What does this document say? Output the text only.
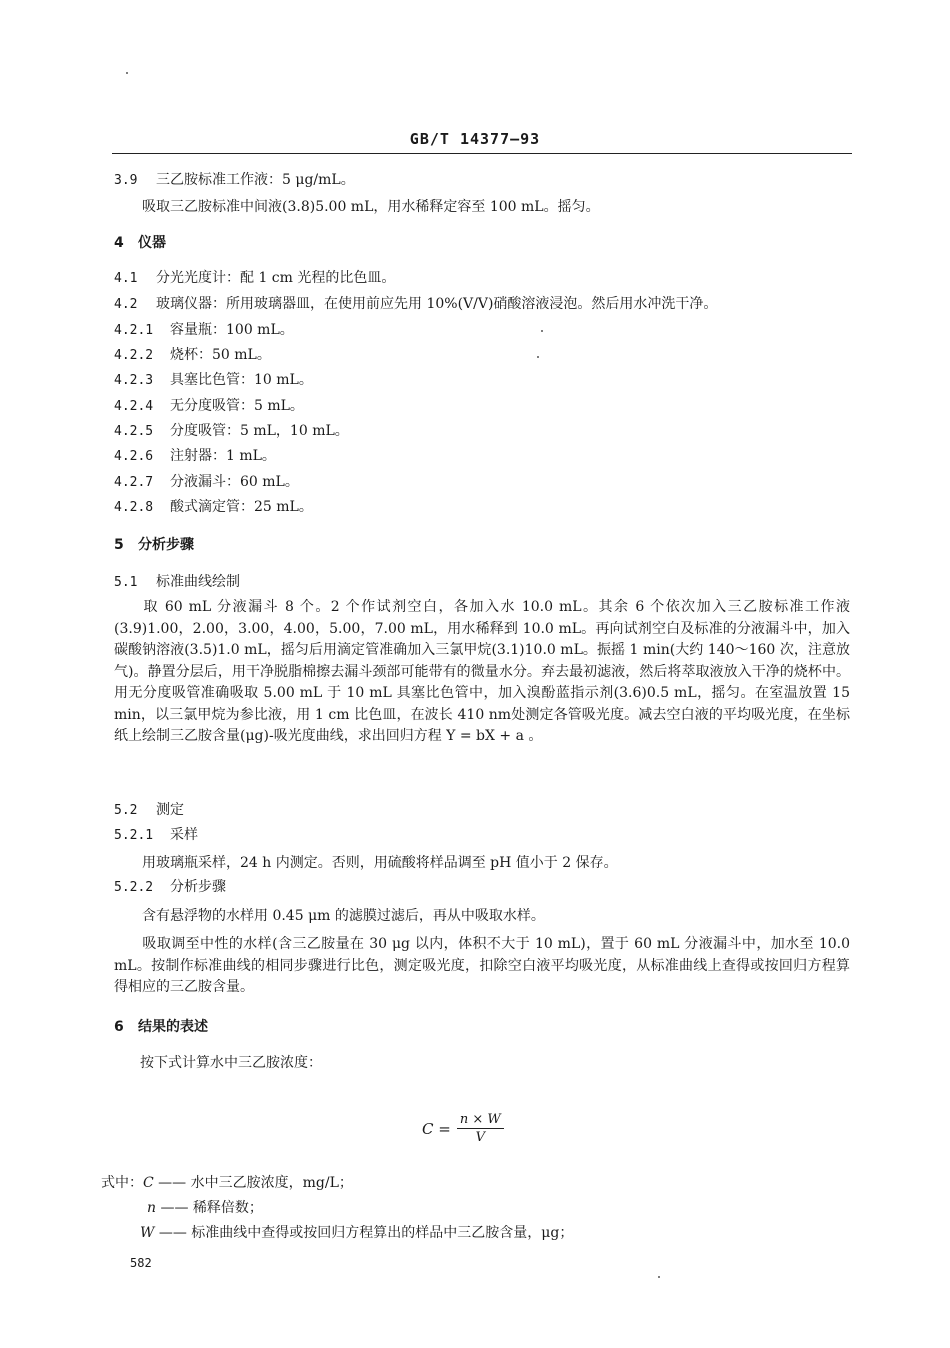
GB/T 14377—93
3.9 三乙胺标准工作液：5 μg/mL。
吸取三乙胺标准中间液(3.8)5.00 mL，用水稀释定容至 100 mL。摇匀。
4 仪器
4.1 分光光度计：配 1 cm 光程的比色皿。
4.2 玻璃仪器：所用玻璃器皿，在使用前应先用 10%(V/V)硝酸溶液浸泡。然后用水冲洗干净。
4.2.1 容量瓶：100 mL。
4.2.2 烧杯：50 mL。
4.2.3 具塞比色管：10 mL。
4.2.4 无分度吸管：5 mL。
4.2.5 分度吸管：5 mL，10 mL。
4.2.6 注射器：1 mL。
4.2.7 分液漏斗：60 mL。
4.2.8 酸式滴定管：25 mL。
5 分析步骤
5.1 标准曲线绘制
取 60 mL 分液漏斗 8 个。2 个作试剂空白，各加入水 10.0 mL。其余 6 个依次加入三乙胺标准工作液(3.9)1.00，2.00，3.00，4.00，5.00，7.00 mL，用水稀释到 10.0 mL。再向试剂空白及标准的分液漏斗中，加入碳酸钠溶液(3.5)1.0 mL，摇匀后用滴定管准确加入三氯甲烷(3.1)10.0 mL。振摇 1 min(大约 140～160 次，注意放气)。静置分层后，用干净脱脂棉擦去漏斗颈部可能带有的微量水分。弃去最初滤液，然后将萃取液放入干净的烧杯中。用无分度吸管准确吸取 5.00 mL 于 10 mL 具塞比色管中，加入溴酚蓝指示剂(3.6)0.5 mL，摇匀。在室温放置 15 min，以三氯甲烷为参比液，用 1 cm 比色皿，在波长 410 nm处测定各管吸光度。减去空白液的平均吸光度，在坐标纸上绘制三乙胺含量(μg)-吸光度曲线，求出回归方程 Y = bX + a 。
5.2 测定
5.2.1 采样
用玻璃瓶采样，24 h 内测定。否则，用硫酸将样品调至 pH 值小于 2 保存。
5.2.2 分析步骤
含有悬浮物的水样用 0.45 μm 的滤膜过滤后，再从中吸取水样。
吸取调至中性的水样(含三乙胺量在 30 μg 以内，体积不大于 10 mL)，置于 60 mL 分液漏斗中，加水至 10.0 mL。按制作标准曲线的相同步骤进行比色，测定吸光度，扣除空白液平均吸光度，从标准曲线上查得或按回归方程算得相应的三乙胺含量。
6 结果的表述
按下式计算水中三乙胺浓度：
$C = \frac{n \times W}{V}$
式中：C —— 水中三乙胺浓度，mg/L；
n —— 稀释倍数；
W —— 标准曲线中查得或按回归方程算出的样品中三乙胺含量，μg；
582
